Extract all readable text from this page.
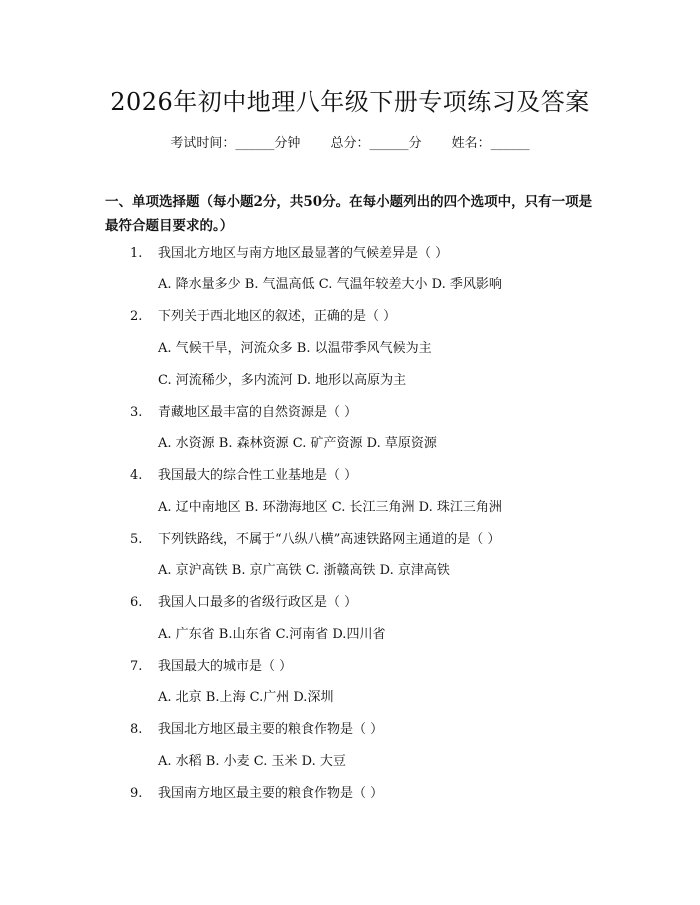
2026年初中地理八年级下册专项练习及答案
考试时间：______分钟 总分：______分 姓名：______

一、单项选择题（每小题2分，共50分。在每小题列出的四个选项中，只有一项是最符合题目要求的。）

1. 我国北方地区与南方地区最显著的气候差异是（ ）
A. 降水量多少 B. 气温高低 C. 气温年较差大小 D. 季风影响
2. 下列关于西北地区的叙述，正确的是（ ）
A. 气候干旱，河流众多 B. 以温带季风气候为主
C. 河流稀少，多内流河 D. 地形以高原为主
3. 青藏地区最丰富的自然资源是（ ）
A. 水资源 B. 森林资源 C. 矿产资源 D. 草原资源
4. 我国最大的综合性工业基地是（ ）
A. 辽中南地区 B. 环渤海地区 C. 长江三角洲 D. 珠江三角洲
5. 下列铁路线，不属于“八纵八横”高速铁路网主通道的是（ ）
A. 京沪高铁 B. 京广高铁 C. 浙赣高铁 D. 京津高铁
6. 我国人口最多的省级行政区是（ ）
A. 广东省 B.山东省 C.河南省 D.四川省
7. 我国最大的城市是（ ）
A. 北京 B.上海 C.广州 D.深圳
8. 我国北方地区最主要的粮食作物是（ ）
A. 水稻 B. 小麦 C. 玉米 D. 大豆
9. 我国南方地区最主要的粮食作物是（ ）
